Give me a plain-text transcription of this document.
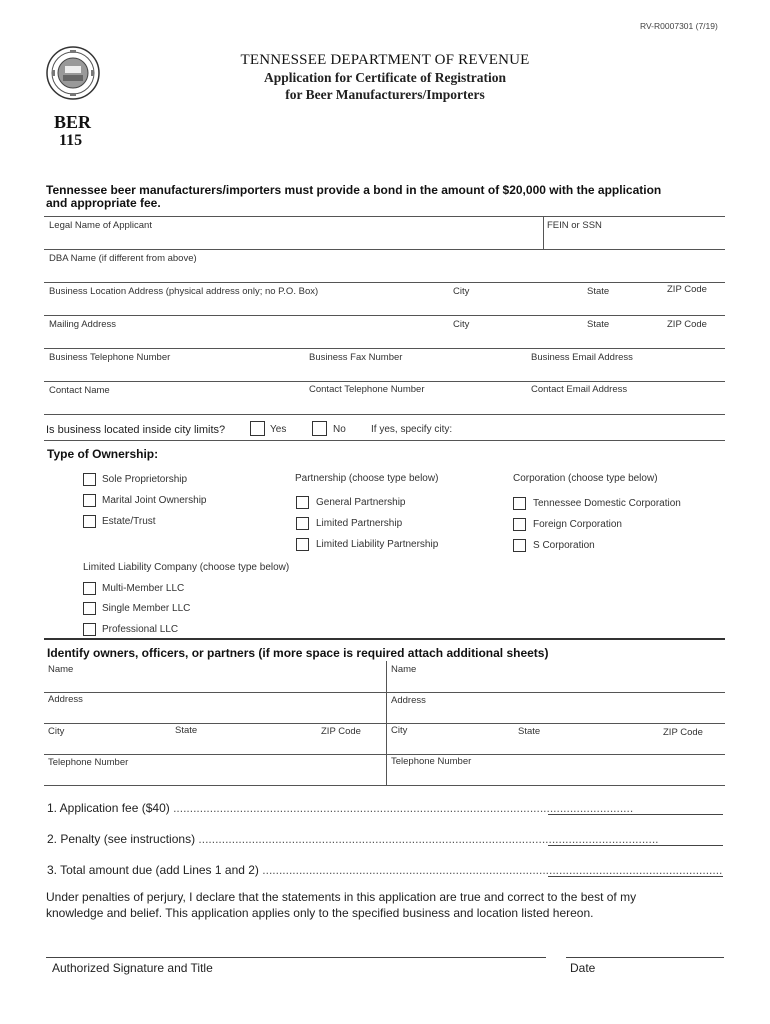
RV-R0007301 (7/19)
TENNESSEE DEPARTMENT OF REVENUE
Application for Certificate of Registration
for Beer Manufacturers/Importers
BER
115
Tennessee beer manufacturers/importers must provide a bond in the amount of $20,000 with the application
and appropriate fee.
Legal Name of Applicant	FEIN or SSN
DBA Name (if different from above)
Business Location Address (physical address only; no P.O. Box)	City	State	ZIP Code
Mailing Address	City	State	ZIP Code
Business Telephone Number	Business Fax Number	Business Email Address
Contact Name	Contact Telephone Number	Contact Email Address
Is business located inside city limits?	Yes	No	If yes, specify city:
Type of Ownership:
Sole Proprietorship
Marital Joint Ownership
Estate/Trust
Partnership (choose type below)
General Partnership
Limited Partnership
Limited Liability Partnership
Corporation (choose type below)
Tennessee Domestic Corporation
Foreign Corporation
S Corporation
Limited Liability Company (choose type below)
Multi-Member LLC
Single Member LLC
Professional LLC
Identify owners, officers, or partners (if more space is required attach additional sheets)
Name	Name
Address	Address
City	State	ZIP Code	City	State	ZIP Code
Telephone Number	Telephone Number
1. Application fee ($40) ..........................................................................................................................................
2. Penalty (see instructions) ..........................................................................................................................................
3. Total amount due (add Lines 1 and 2) ..........................................................................................................................................
Under penalties of perjury, I declare that the statements in this application are true and correct to the best of my
knowledge and belief. This application applies only to the specified business and location listed hereon.
Authorized Signature and Title	Date
